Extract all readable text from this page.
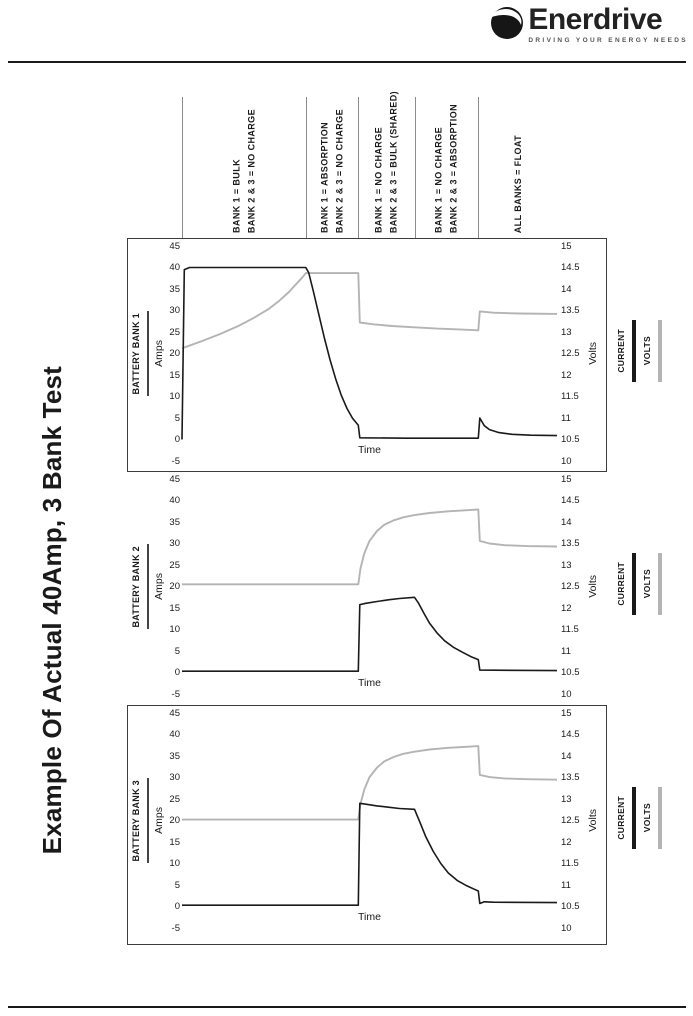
Enerdrive
DRIVING YOUR ENERGY NEEDS
Example Of Actual 40Amp, 3 Bank Test
BATTERY BANK 1 Amps
45
40
35
30
25
20
15
10
5
0
-5
15
14.5
14
13.5
13
12.5
12
11.5
11
10.5
10
Volts
Time
CURRENT VOLTS
BATTERY BANK 2 Amps
45
40
35
30
25
20
15
10
5
0
-5
15
14.5
14
13.5
13
12.5
12
11.5
11
10.5
10
Volts
Time
CURRENT VOLTS
BATTERY BANK 3 Amps
45
40
35
30
25
20
15
10
5
0
-5
15
14.5
14
13.5
13
12.5
12
11.5
11
10.5
10
Volts
Time
CURRENT VOLTS
BANK 1 = BULK BANK 2 & 3 = NO CHARGE	BANK 1 = ABSORPTION BANK 2 & 3 = NO CHARGE	BANK 1 = NO CHARGE BANK 2 & 3 = BULK (SHARED)	BANK 1 = NO CHARGE BANK 2 & 3 = ABSORPTION	ALL BANKS = FLOAT
